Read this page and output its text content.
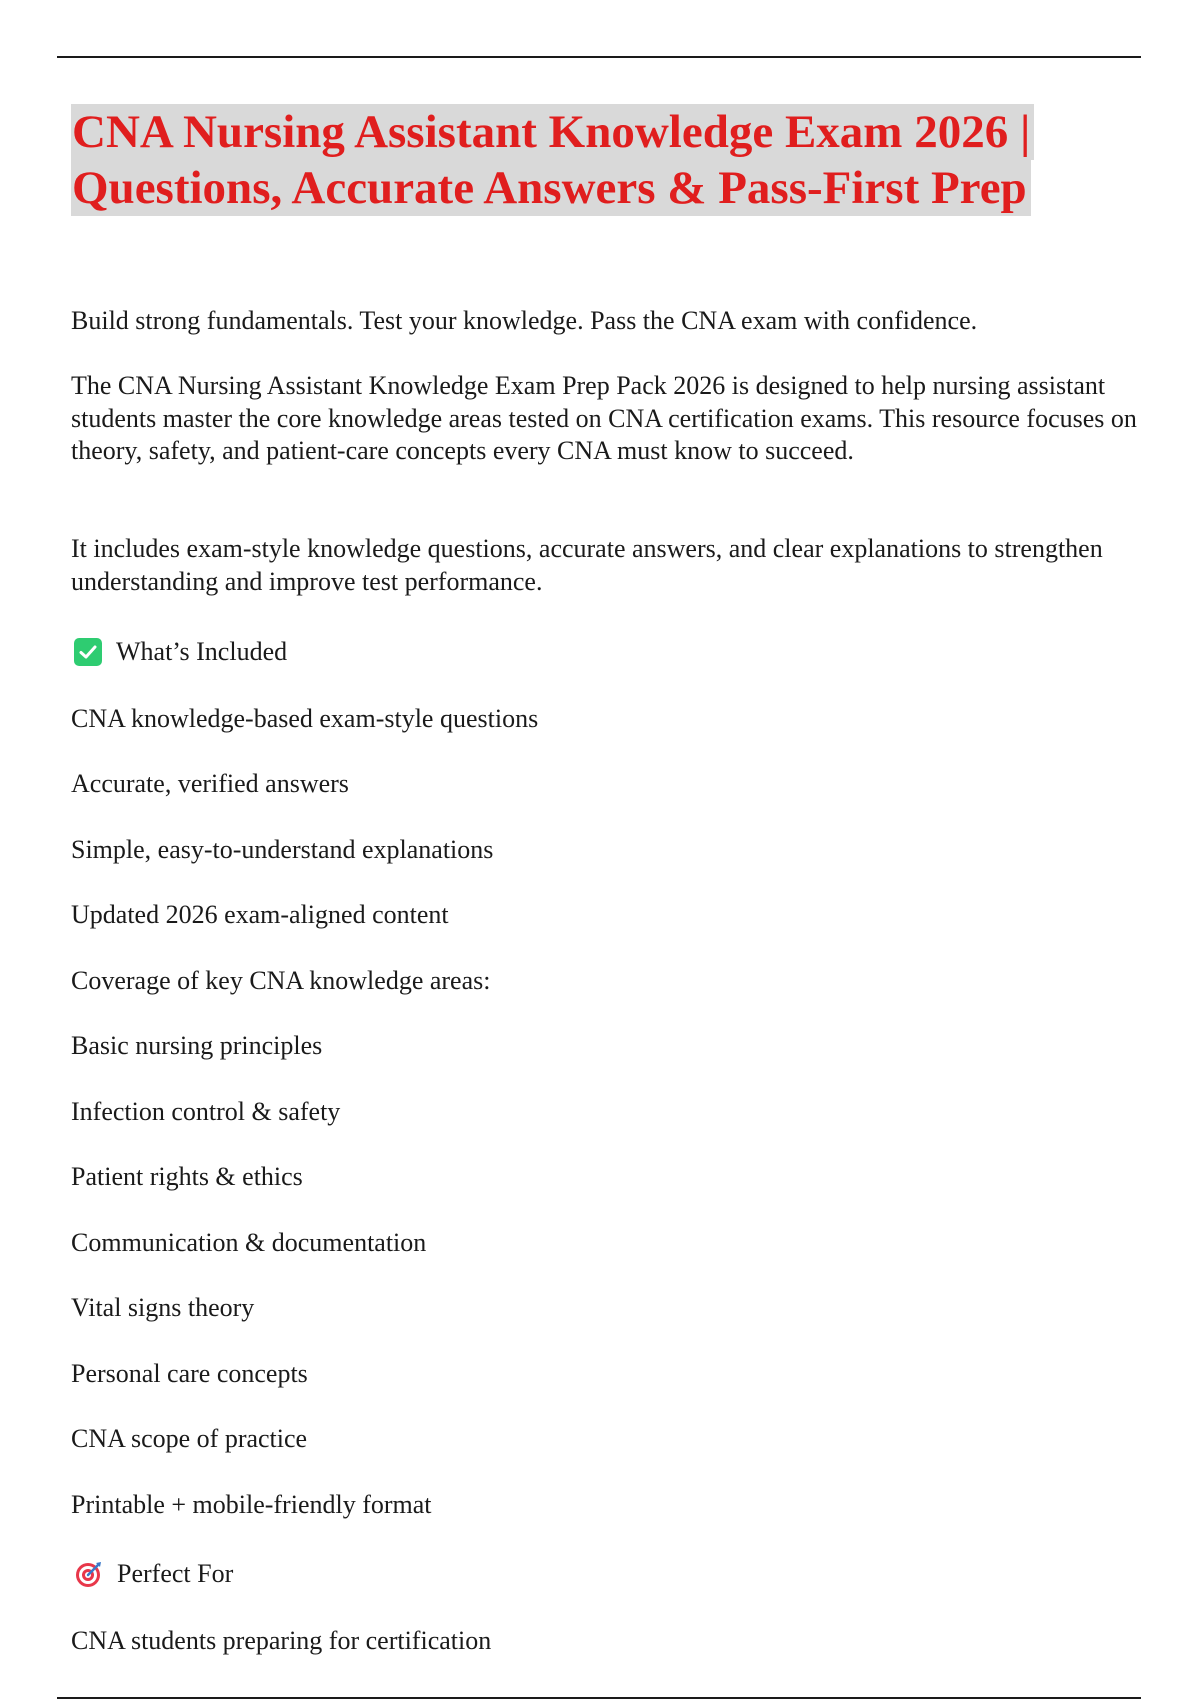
CNA Nursing Assistant Knowledge Exam 2026 |
Questions, Accurate Answers & Pass-First Prep

Build strong fundamentals. Test your knowledge. Pass the CNA exam with confidence.

The CNA Nursing Assistant Knowledge Exam Prep Pack 2026 is designed to help nursing assistant students master the core knowledge areas tested on CNA certification exams. This resource focuses on theory, safety, and patient-care concepts every CNA must know to succeed.

It includes exam-style knowledge questions, accurate answers, and clear explanations to strengthen understanding and improve test performance.

What’s Included
CNA knowledge-based exam-style questions
Accurate, verified answers
Simple, easy-to-understand explanations
Updated 2026 exam-aligned content
Coverage of key CNA knowledge areas:
Basic nursing principles
Infection control & safety
Patient rights & ethics
Communication & documentation
Vital signs theory
Personal care concepts
CNA scope of practice
Printable + mobile-friendly format
Perfect For
CNA students preparing for certification
